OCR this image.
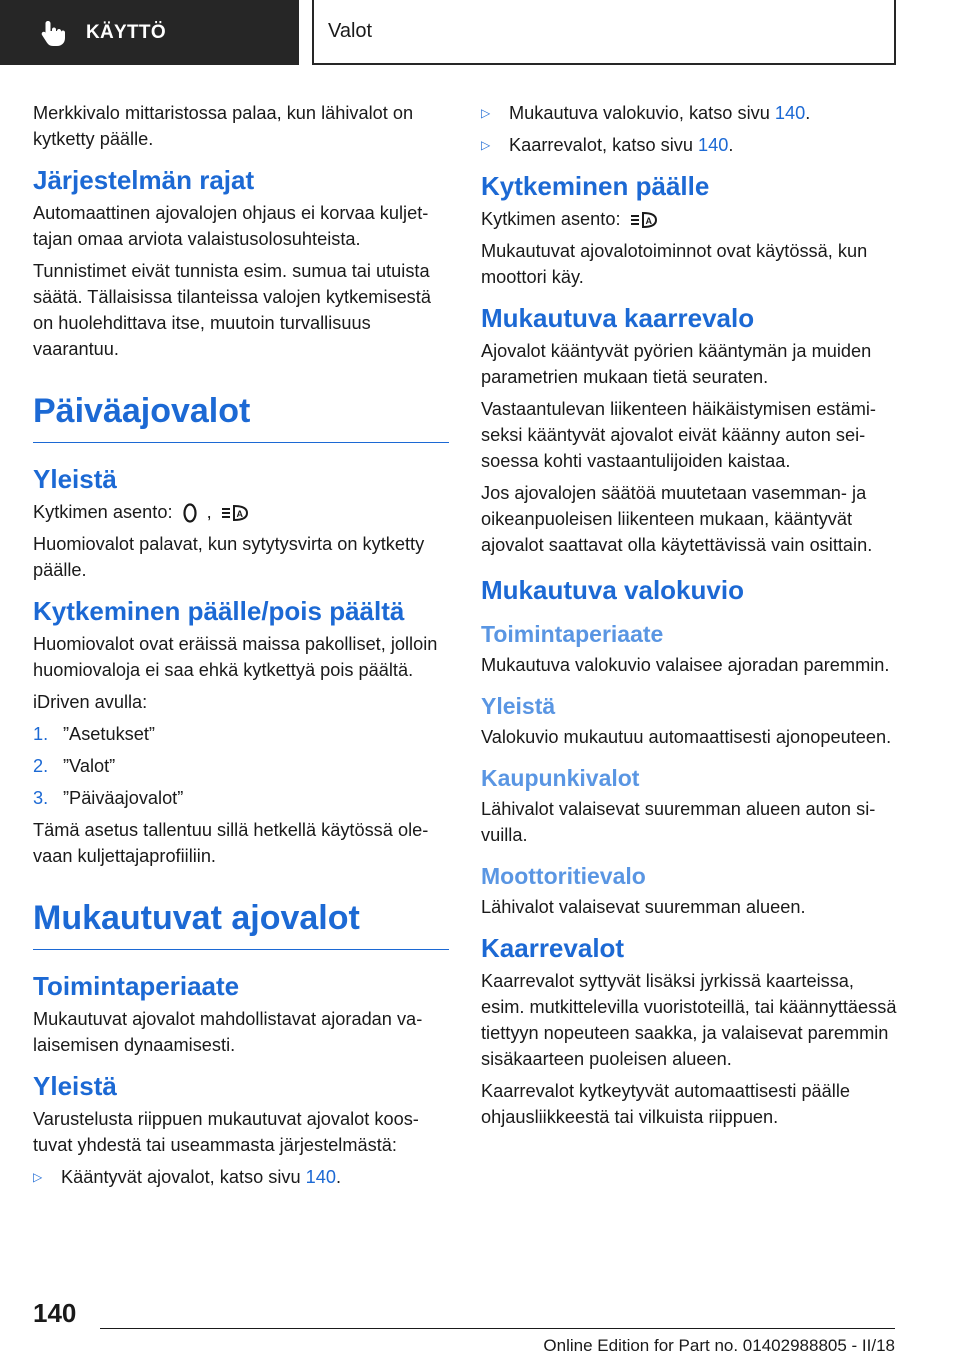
KÄYTTÖ	Valot

Merkkivalo mittaristossa palaa, kun lähivalot on kytketty päälle.

Järjestelmän rajat

Automaattinen ajovalojen ohjaus ei korvaa kuljettajan omaa arviota valaistusolosuhteista.

Tunnistimet eivät tunnista esim. sumua tai utuista säätä. Tällaisissa tilanteissa valojen kytkemisestä on huolehdittava itse, muutoin turvallisuus vaarantuu.

Päiväajovalot
Yleistä

Kytkimen asento: ,	A

Huomiovalot palavat, kun sytytysvirta on kytketty päälle.

Kytkeminen päälle/pois päältä

Huomiovalot ovat eräissä maissa pakolliset, jolloin huomiovaloja ei saa ehkä kytkettyä pois päältä.

iDriven avulla:

1. ”Asetukset”
2. ”Valot”
3. ”Päiväajovalot”

Tämä asetus tallentuu sillä hetkellä käytössä olevaan kuljettajaprofiiliin.

Mukautuvat ajovalot
Toimintaperiaate

Mukautuvat ajovalot mahdollistavat ajoradan valaisemisen dynaamisesti.

Yleistä

Varustelusta riippuen mukautuvat ajovalot koostuvat yhdestä tai useammasta järjestelmästä:

▷	Kääntyvät ajovalot, katso sivu 140.
▷	Mukautuva valokuvio, katso sivu 140.
▷	Kaarrevalot, katso sivu 140.
Kytkeminen päälle

Kytkimen asento:	A

Mukautuvat ajovalotoiminnot ovat käytössä, kun moottori käy.

Mukautuva kaarrevalo

Ajovalot kääntyvät pyörien kääntymän ja muiden parametrien mukaan tietä seuraten.

Vastaantulevan liikenteen häikäistymisen estämiseksi kääntyvät ajovalot eivät käänny auton seisoessa kohti vastaantulijoiden kaistaa.

Jos ajovalojen säätöä muutetaan vasemman- ja oikeanpuoleisen liikenteen mukaan, kääntyvät ajovalot saattavat olla käytettävissä vain osittain.

Mukautuva valokuvio
Toimintaperiaate

Mukautuva valokuvio valaisee ajoradan paremmin.

Yleistä

Valokuvio mukautuu automaattisesti ajonopeuteen.

Kaupunkivalot

Lähivalot valaisevat suuremman alueen auton sivuilla.

Moottoritievalo

Lähivalot valaisevat suuremman alueen.

Kaarrevalot

Kaarrevalot syttyvät lisäksi jyrkissä kaarteissa, esim. mutkittelevilla vuoristoteillä, tai käännyttäessä tiettyyn nopeuteen saakka, ja valaisevat paremmin sisäkaarteen puoleisen alueen.

Kaarrevalot kytkeytyvät automaattisesti päälle ohjausliikkeestä tai vilkuista riippuen.

140
Online Edition for Part no. 01402988805 - II/18
